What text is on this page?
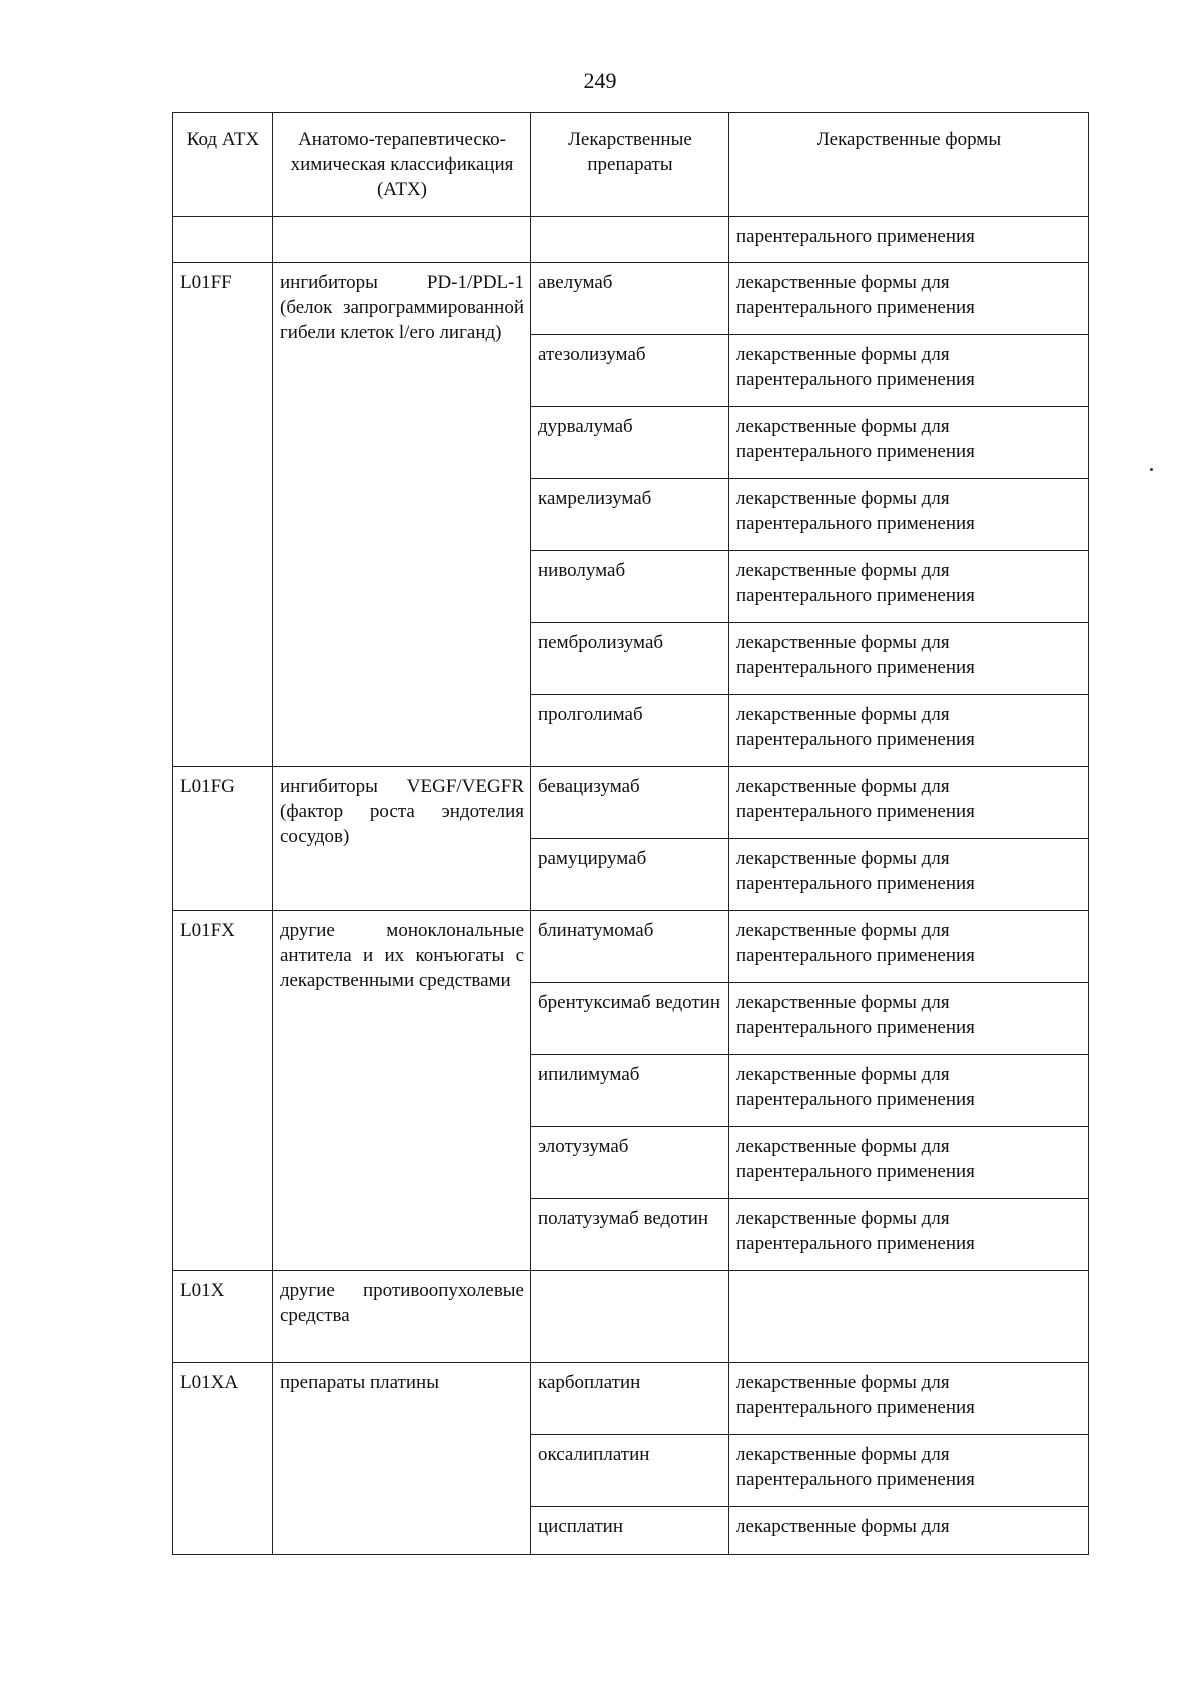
249
Код АТХ	Анатомо-терапевтическо-химическая классификация (АТХ)	Лекарственные препараты	Лекарственные формы
			парентерального применения
L01FF	ингибиторы PD-1/PDL-1 (белок запрограммированной гибели клеток l/его лиганд)	авелумаб	лекарственные формы для парентерального применения
		атезолизумаб	лекарственные формы для парентерального применения
		дурвалумаб	лекарственные формы для парентерального применения
		камрелизумаб	лекарственные формы для парентерального применения
		ниволумаб	лекарственные формы для парентерального применения
		пембролизумаб	лекарственные формы для парентерального применения
		пролголимаб	лекарственные формы для парентерального применения
L01FG	ингибиторы VEGF/VEGFR (фактор роста эндотелия сосудов)	бевацизумаб	лекарственные формы для парентерального применения
		рамуцирумаб	лекарственные формы для парентерального применения
L01FX	другие моноклональные антитела и их конъюгаты с лекарственными средствами	блинатумомаб	лекарственные формы для парентерального применения
		брентуксимаб ведотин	лекарственные формы для парентерального применения
		ипилимумаб	лекарственные формы для парентерального применения
		элотузумаб	лекарственные формы для парентерального применения
		полатузумаб ведотин	лекарственные формы для парентерального применения
L01X	другие противоопухолевые средства		
L01XA	препараты платины	карбоплатин	лекарственные формы для парентерального применения
		оксалиплатин	лекарственные формы для парентерального применения
		цисплатин	лекарственные формы для
